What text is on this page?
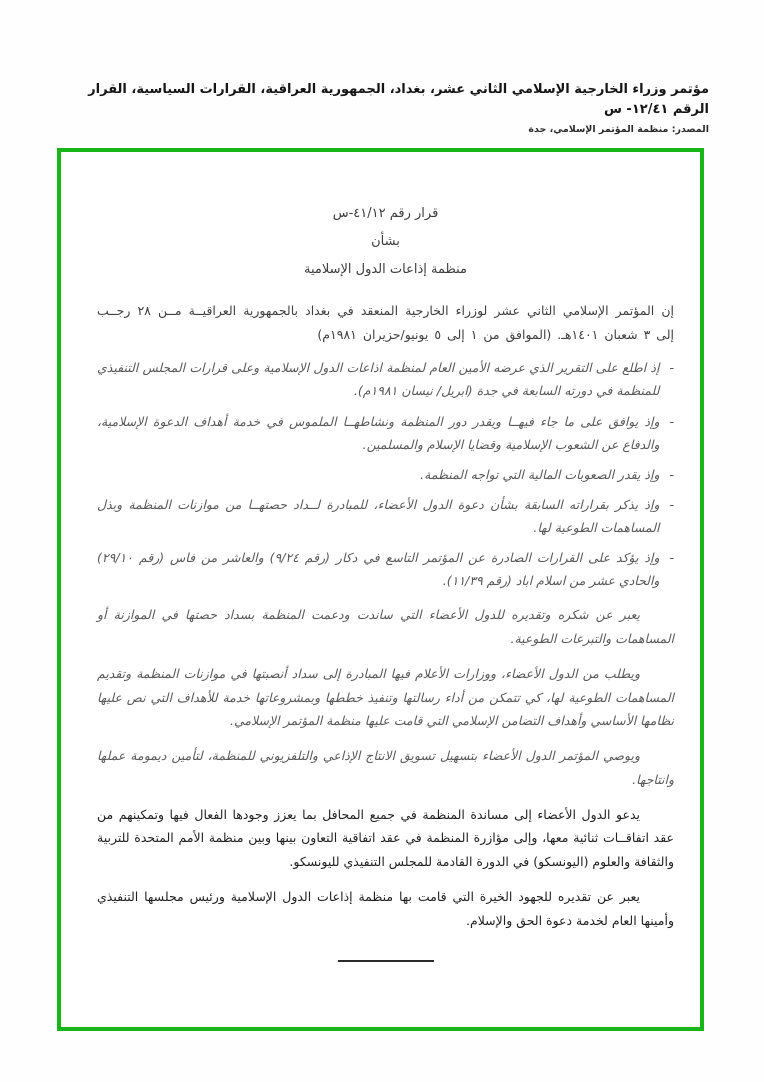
مؤتمر وزراء الخارجية الإسلامي الثاني عشر، بغداد، الجمهورية العراقية، القرارات السياسية، القرار الرقم ١٢/٤١- س
المصدر: منظمة المؤتمر الإسلامي، جدة
قرار رقم ٤١/١٢-س
بشأن
منظمة إذاعات الدول الإسلامية

إن المؤتمر الإسلامي الثاني عشر لوزراء الخارجية المنعقد في بغداد بالجمهورية العراقيــة مــن ٢٨ رجــب إلى ٣ شعبان ١٤٠١هـ. (الموافق من ١ إلى ٥ يونيو/حزيران ١٩٨١م)

-
إذ اطلع على التقرير الذي عرضه الأمين العام لمنظمة اذاعات الدول الإسلامية وعلى قرارات المجلس التنفيذي للمنظمة في دورته السابعة في جدة (ابريل/ نيسان ١٩٨١م).
-
وإذ يوافق على ما جاء فيهــا ويقدر دور المنظمة ونشاطهــا الملموس في خدمة أهداف الدعوة الإسلامية، والدفاع عن الشعوب الإسلامية وقضايا الإسلام والمسلمين.
-
وإذ يقدر الصعوبات المالية التي تواجه المنظمة.
-
وإذ يذكر بقراراته السابقة بشأن دعوة الدول الأعضاء، للمبادرة لــداد حصتهــا من موازنات المنظمة وبذل المساهمات الطوعية لها.
-
وإذ يؤكد على القرارات الصادرة عن المؤتمر التاسع في دكار (رقم ٩/٢٤) والعاشر من فاس (رقم ٢٩/١٠) والحادي عشر من اسلام اباد (رقم ١١/٣٩).

يعبر عن شكره وتقديره للدول الأعضاء التي ساندت ودعمت المنظمة بسداد حصتها في الموازنة أو المساهمات والتبرعات الطوعية.

ويطلب من الدول الأعضاء، ووزارات الأعلام فيها المبادرة إلى سداد أنصبتها في موازنات المنظمة وتقديم المساهمات الطوعية لها، كي تتمكن من أداء رسالتها وتنفيذ خططها وبمشروعاتها خدمة للأهداف التي نص عليها نظامها الأساسي وأهداف التضامن الإسلامي التي قامت عليها منظمة المؤتمر الإسلامي.

ويوصي المؤتمر الدول الأعضاء بتسهيل تسويق الانتاج الإذاعي والتلفزيوني للمنظمة، لتأمين ديمومة عملها وانتاجها.

يدعو الدول الأعضاء إلى مساندة المنظمة في جميع المحافل بما يعزز وجودها الفعال فيها وتمكينهم من عقد اتفاقــات ثنائية معها، وإلى مؤازرة المنظمة في عقد اتفاقية التعاون بينها وبين منظمة الأمم المتحدة للتربية والثقافة والعلوم (اليونسكو) في الدورة القادمة للمجلس التنفيذي لليونسكو.

يعبر عن تقديره للجهود الخيرة التي قامت بها منظمة إذاعات الدول الإسلامية ورئيس مجلسها التنفيذي وأمينها العام لخدمة دعوة الحق والإسلام.
